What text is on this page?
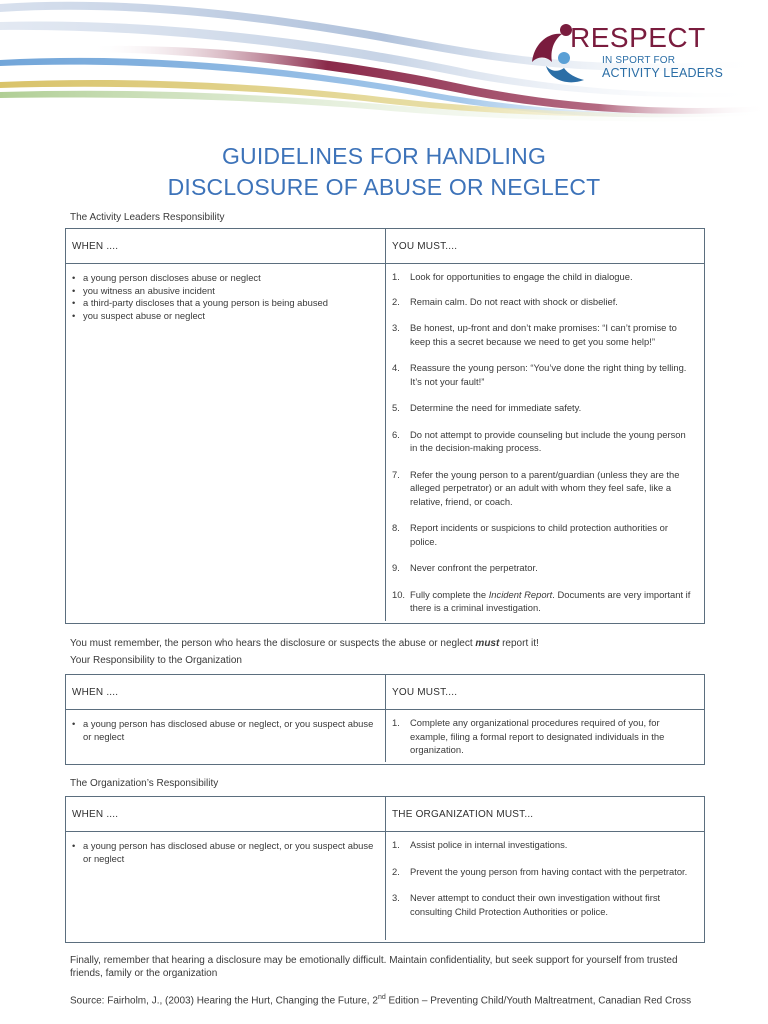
RESPECT
IN SPORT FOR
ACTIVITY LEADERS
GUIDELINES FOR HANDLING
DISCLOSURE OF ABUSE OR NEGLECT
The Activity Leaders Responsibility
WHEN ....	YOU MUST....
• a young person discloses abuse or neglect
• you witness an abusive incident
• a third-party discloses that a young person is being abused
• you suspect abuse or neglect
1. Look for opportunities to engage the child in dialogue.
2. Remain calm. Do not react with shock or disbelief.
3. Be honest, up-front and don’t make promises: “I can’t promise to keep this a secret because we need to get you some help!”
4. Reassure the young person: “You’ve done the right thing by telling. It’s not your fault!”
5. Determine the need for immediate safety.
6. Do not attempt to provide counseling but include the young person in the decision-making process.
7. Refer the young person to a parent/guardian (unless they are the alleged perpetrator) or an adult with whom they feel safe, like a relative, friend, or coach.
8. Report incidents or suspicions to child protection authorities or police.
9. Never confront the perpetrator.
10. Fully complete the Incident Report. Documents are very important if there is a criminal investigation.
You must remember, the person who hears the disclosure or suspects the abuse or neglect must report it!
Your Responsibility to the Organization
WHEN ....	YOU MUST....
• a young person has disclosed abuse or neglect, or you suspect abuse or neglect
1. Complete any organizational procedures required of you, for example, filing a formal report to designated individuals in the organization.
The Organization’s Responsibility
WHEN ....	THE ORGANIZATION MUST...
• a young person has disclosed abuse or neglect, or you suspect abuse or neglect
1. Assist police in internal investigations.
2. Prevent the young person from having contact with the perpetrator.
3. Never attempt to conduct their own investigation without first consulting Child Protection Authorities or police.
Finally, remember that hearing a disclosure may be emotionally difficult. Maintain confidentiality, but seek support for yourself from trusted friends, family or the organization
Source: Fairholm, J., (2003) Hearing the Hurt, Changing the Future, 2nd Edition – Preventing Child/Youth Maltreatment, Canadian Red Cross
